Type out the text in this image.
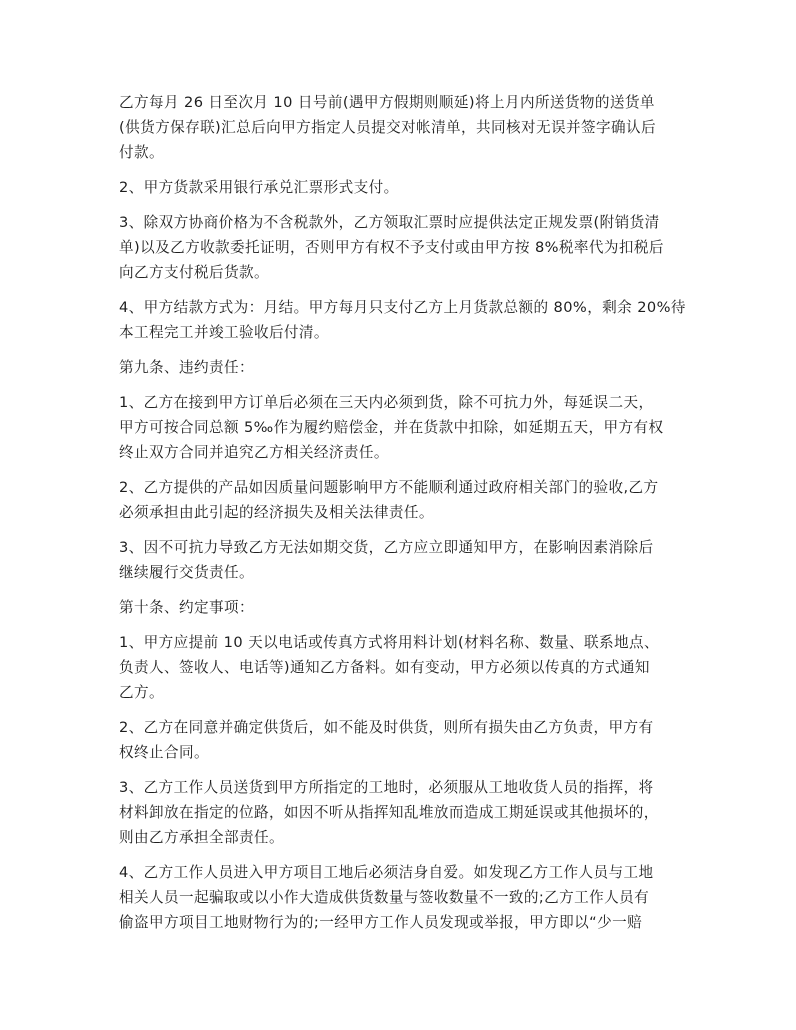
乙方每月 26 日至次月 10 日号前(遇甲方假期则顺延)将上月内所送货物的送货单
(供货方保存联)汇总后向甲方指定人员提交对帐清单，共同核对无误并签字确认后
付款。

2、甲方货款采用银行承兑汇票形式支付。

3、除双方协商价格为不含税款外，乙方领取汇票时应提供法定正规发票(附销货清
单)以及乙方收款委托证明，否则甲方有权不予支付或由甲方按 8%税率代为扣税后
向乙方支付税后货款。

4、甲方结款方式为：月结。甲方每月只支付乙方上月货款总额的 80%，剩余 20%待
本工程完工并竣工验收后付清。

第九条、违约责任：

1、乙方在接到甲方订单后必须在三天内必须到货，除不可抗力外，每延误二天，
甲方可按合同总额 5‰作为履约赔偿金，并在货款中扣除，如延期五天，甲方有权
终止双方合同并追究乙方相关经济责任。

2、乙方提供的产品如因质量问题影响甲方不能顺利通过政府相关部门的验收,乙方
必须承担由此引起的经济损失及相关法律责任。

3、因不可抗力导致乙方无法如期交货，乙方应立即通知甲方，在影响因素消除后
继续履行交货责任。

第十条、约定事项：

1、甲方应提前 10 天以电话或传真方式将用料计划(材料名称、数量、联系地点、
负责人、签收人、电话等)通知乙方备料。如有变动，甲方必须以传真的方式通知
乙方。

2、乙方在同意并确定供货后，如不能及时供货，则所有损失由乙方负责，甲方有
权终止合同。

3、乙方工作人员送货到甲方所指定的工地时，必须服从工地收货人员的指挥，将
材料卸放在指定的位路，如因不听从指挥知乱堆放而造成工期延误或其他损坏的，
则由乙方承担全部责任。

4、乙方工作人员进入甲方项目工地后必须洁身自爱。如发现乙方工作人员与工地
相关人员一起骗取或以小作大造成供货数量与签收数量不一致的;乙方工作人员有
偷盗甲方项目工地财物行为的;一经甲方工作人员发现或举报，甲方即以“少一赔
